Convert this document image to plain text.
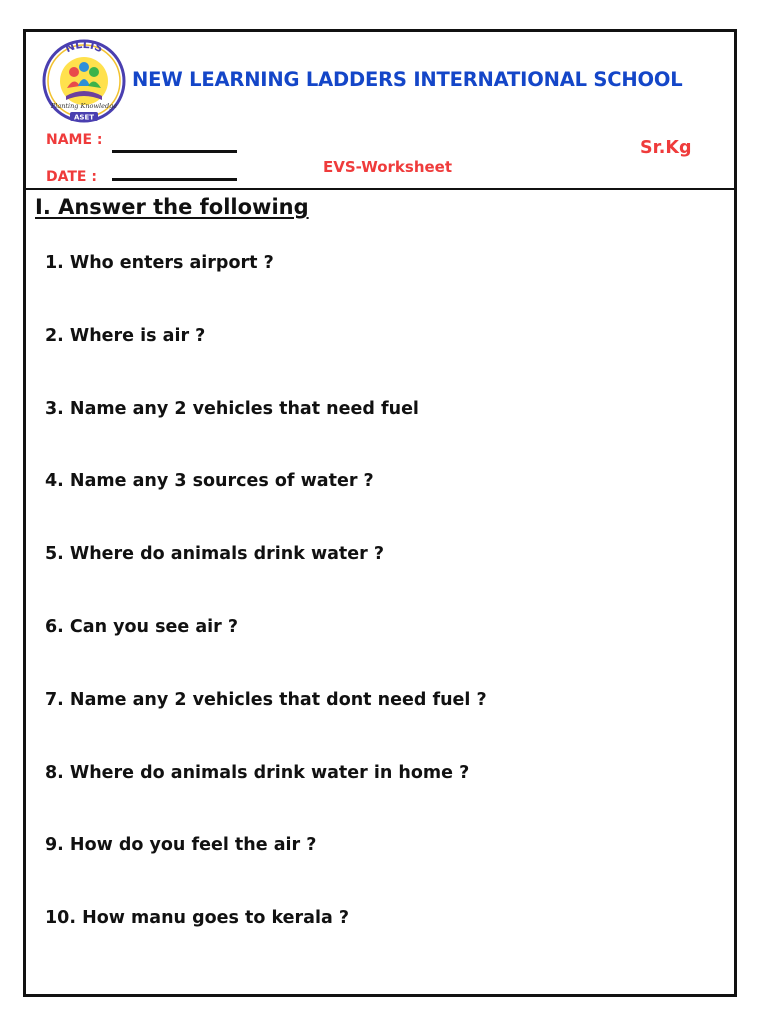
NLLIS
Planting Knowledge
ASET
NEW LEARNING LADDERS INTERNATIONAL SCHOOL
NAME :
DATE :
EVS-Worksheet
Sr.Kg
I. Answer the following
1. Who enters airport ?
2. Where is air ?
3. Name any 2 vehicles that need fuel
4. Name any 3 sources of water ?
5. Where do animals drink water ?
6. Can you see air ?
7. Name any 2 vehicles that dont need fuel ?
8. Where do animals drink water in home ?
9. How do you feel the air ?
10. How manu goes to kerala ?
